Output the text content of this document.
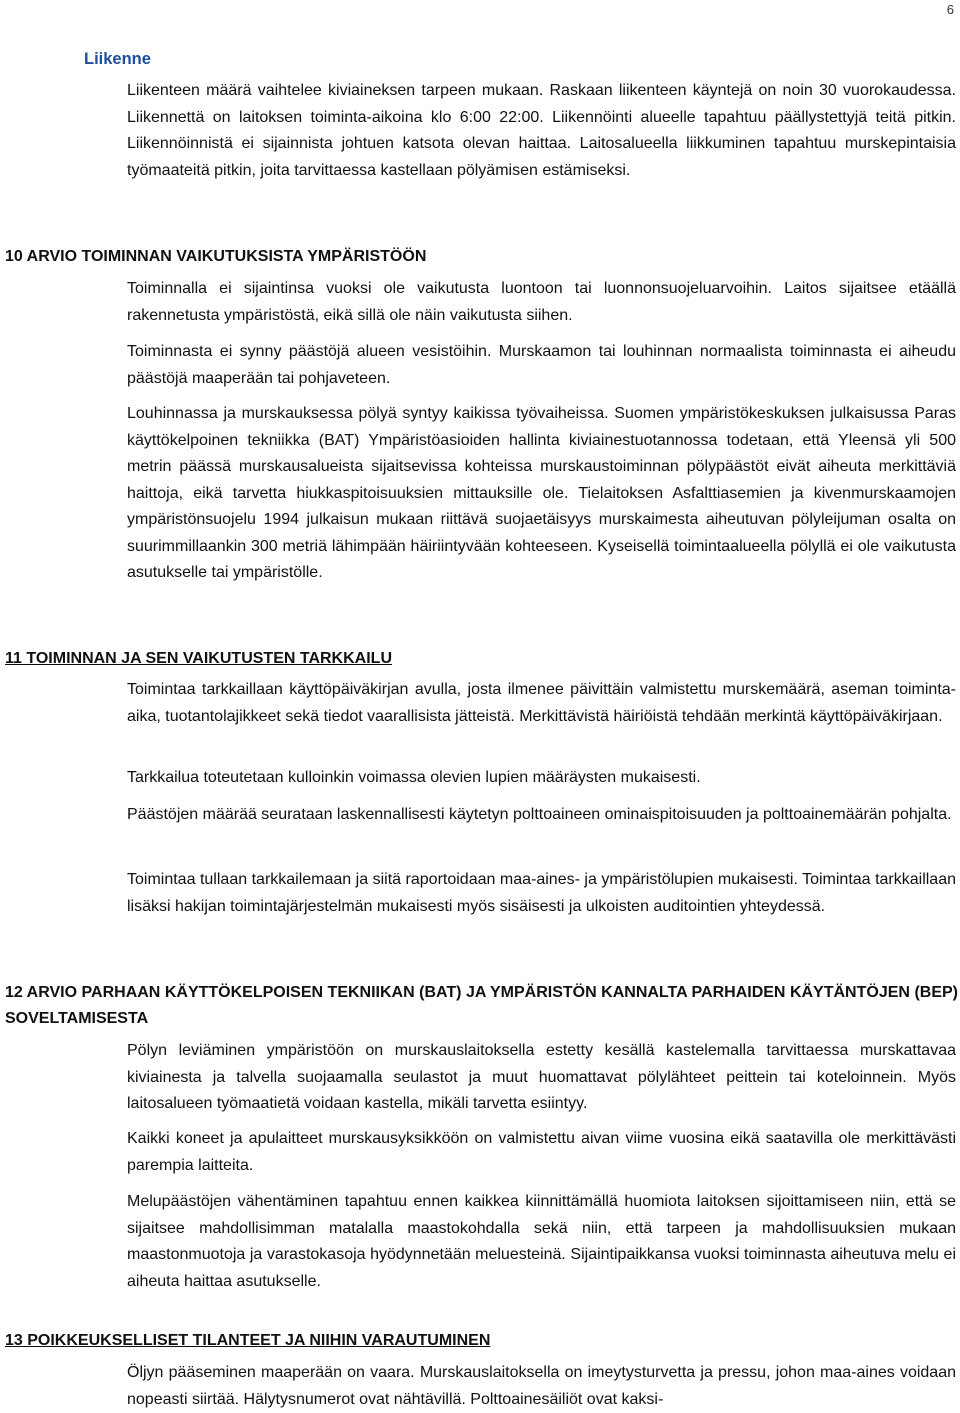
6
Liikenne
Liikenteen määrä vaihtelee kiviaineksen tarpeen mukaan. Raskaan liikenteen käyntejä on noin 30 vuorokaudessa. Liikennettä on laitoksen toiminta-aikoina klo 6:00 22:00. Liikennöinti alueelle tapahtuu päällystettyjä teitä pitkin. Liikennöinnistä ei sijainnista johtuen katsota olevan haittaa. Laitosalueella liikkuminen tapahtuu murskepintaisia työmaateitä pitkin, joita tarvittaessa kastellaan pölyämisen estämiseksi.
10 ARVIO TOIMINNAN VAIKUTUKSISTA YMPÄRISTÖÖN
Toiminnalla ei sijaintinsa vuoksi ole vaikutusta luontoon tai luonnonsuojeluarvoihin. Laitos sijaitsee etäällä rakennetusta ympäristöstä, eikä sillä ole näin vaikutusta siihen.
Toiminnasta ei synny päästöjä alueen vesistöihin. Murskaamon tai louhinnan normaalista toiminnasta ei aiheudu päästöjä maaperään tai pohjaveteen.
Louhinnassa ja murskauksessa pölyä syntyy kaikissa työvaiheissa. Suomen ympäristökeskuksen julkaisussa Paras käyttökelpoinen tekniikka (BAT) Ympäristöasioiden hallinta kiviainestuotannossa todetaan, että Yleensä yli 500 metrin päässä murskausalueista sijaitsevissa kohteissa murskaustoiminnan pölypäästöt eivät aiheuta merkittäviä haittoja, eikä tarvetta hiukkaspitoisuuksien mittauksille ole. Tielaitoksen Asfalttiasemien ja kivenmurskaamojen ympäristönsuojelu 1994 julkaisun mukaan riittävä suojaetäisyys murskaimesta aiheutuvan pölyleijuman osalta on suurimmillaankin 300 metriä lähimpään häiriintyvään kohteeseen. Kyseisellä toimintaalueella pölyllä ei ole vaikutusta asutukselle tai ympäristölle.
11 TOIMINNAN JA SEN VAIKUTUSTEN TARKKAILU
Toimintaa tarkkaillaan käyttöpäiväkirjan avulla, josta ilmenee päivittäin valmistettu murskemäärä, aseman toiminta-aika, tuotantolajikkeet sekä tiedot vaarallisista jätteistä. Merkittävistä häiriöistä tehdään merkintä käyttöpäiväkirjaan.
Tarkkailua toteutetaan kulloinkin voimassa olevien lupien määräysten mukaisesti.
Päästöjen määrää seurataan laskennallisesti käytetyn polttoaineen ominaispitoisuuden ja polttoainemäärän pohjalta.
Toimintaa tullaan tarkkailemaan ja siitä raportoidaan maa-aines- ja ympäristölupien mukaisesti. Toimintaa tarkkaillaan lisäksi hakijan toimintajärjestelmän mukaisesti myös sisäisesti ja ulkoisten auditointien yhteydessä.
12 ARVIO PARHAAN KÄYTTÖKELPOISEN TEKNIIKAN (BAT) JA YMPÄRISTÖN KANNALTA PARHAIDEN KÄYTÄNTÖJEN (BEP) SOVELTAMISESTA
Pölyn leviäminen ympäristöön on murskauslaitoksella estetty kesällä kastelemalla tarvittaessa murskattavaa kiviainesta ja talvella suojaamalla seulastot ja muut huomattavat pölylähteet peittein tai koteloinnein. Myös laitosalueen työmaatietä voidaan kastella, mikäli tarvetta esiintyy.
Kaikki koneet ja apulaitteet murskausyksikköön on valmistettu aivan viime vuosina eikä saatavilla ole merkittävästi parempia laitteita.
Melupäästöjen vähentäminen tapahtuu ennen kaikkea kiinnittämällä huomiota laitoksen sijoittamiseen niin, että se sijaitsee mahdollisimman matalalla maastokohdalla sekä niin, että tarpeen ja mahdollisuuksien mukaan maastonmuotoja ja varastokasoja hyödynnetään meluesteinä. Sijaintipaikkansa vuoksi toiminnasta aiheutuva melu ei aiheuta haittaa asutukselle.
13 POIKKEUKSELLISET TILANTEET JA NIIHIN VARAUTUMINEN
Öljyn pääseminen maaperään on vaara. Murskauslaitoksella on imeytysturvetta ja pressu, johon maa-aines voidaan nopeasti siirtää. Hälytysnumerot ovat nähtävillä. Polttoainesäiliöt ovat kaksi-
